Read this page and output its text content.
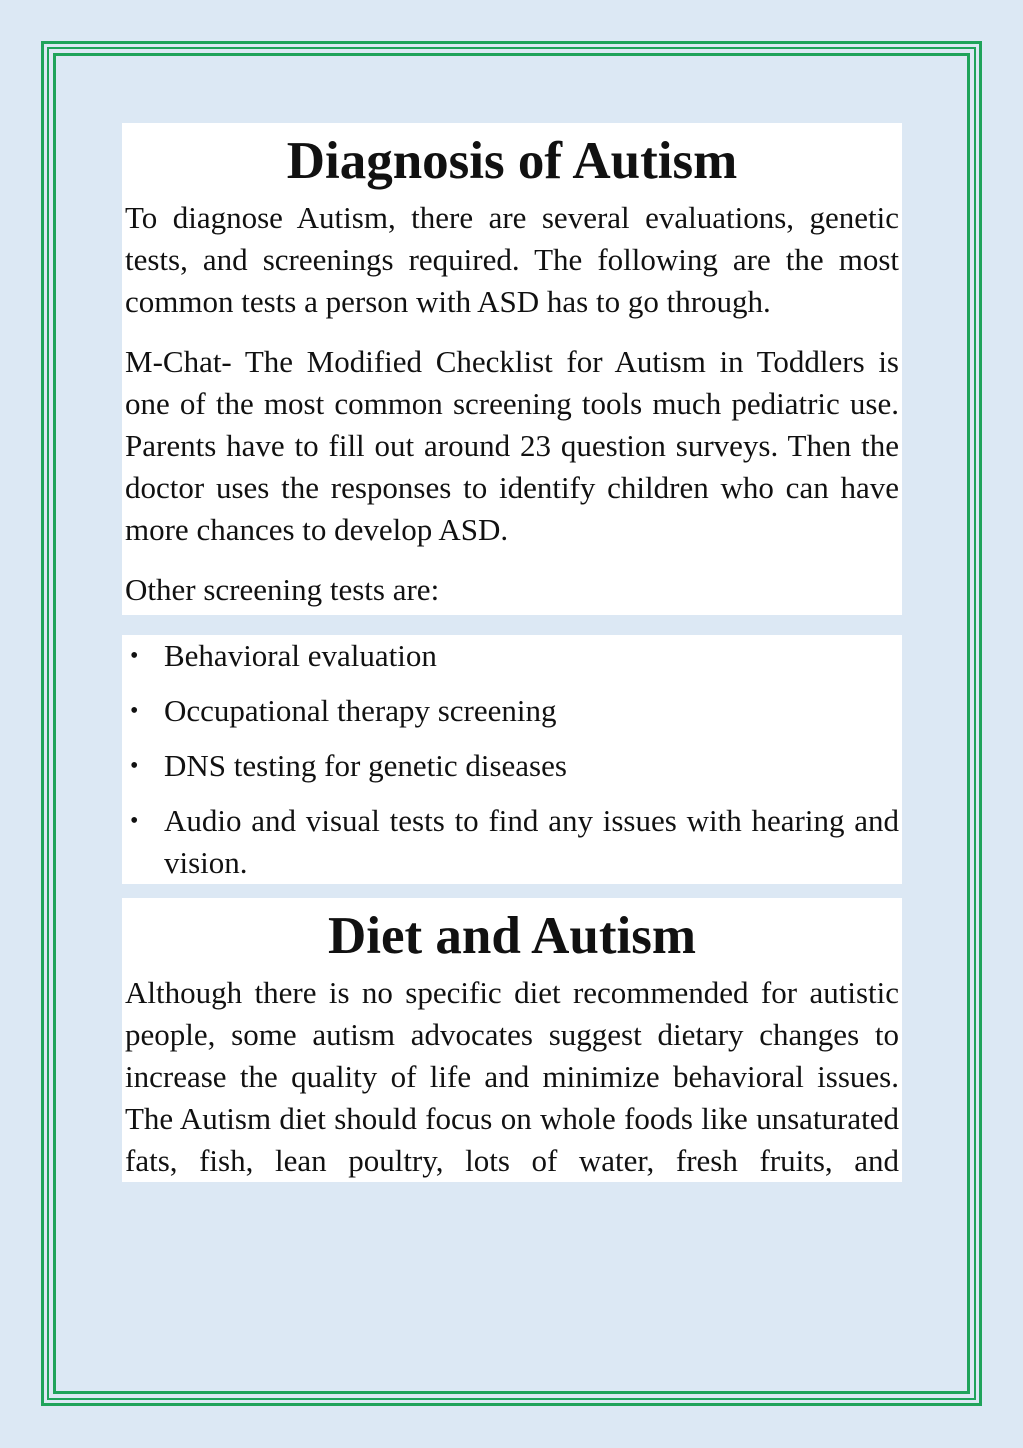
Diagnosis of Autism

To diagnose Autism, there are several evaluations, genetic tests, and screenings required. The following are the most common tests a person with ASD has to go through.

M-Chat- The Modified Checklist for Autism in Toddlers is one of the most common screening tools much pediatric use. Parents have to fill out around 23 question surveys. Then the doctor uses the responses to identify children who can have more chances to develop ASD.

Other screening tests are:

• Behavioral evaluation
• Occupational therapy screening
• DNS testing for genetic diseases
• Audio and visual tests to find any issues with hearing and vision.
Diet and Autism

Although there is no specific diet recommended for autistic people, some autism advocates suggest dietary changes to increase the quality of life and minimize behavioral issues. The Autism diet should focus on whole foods like unsaturated fats, fish, lean poultry, lots of water, fresh fruits, and
